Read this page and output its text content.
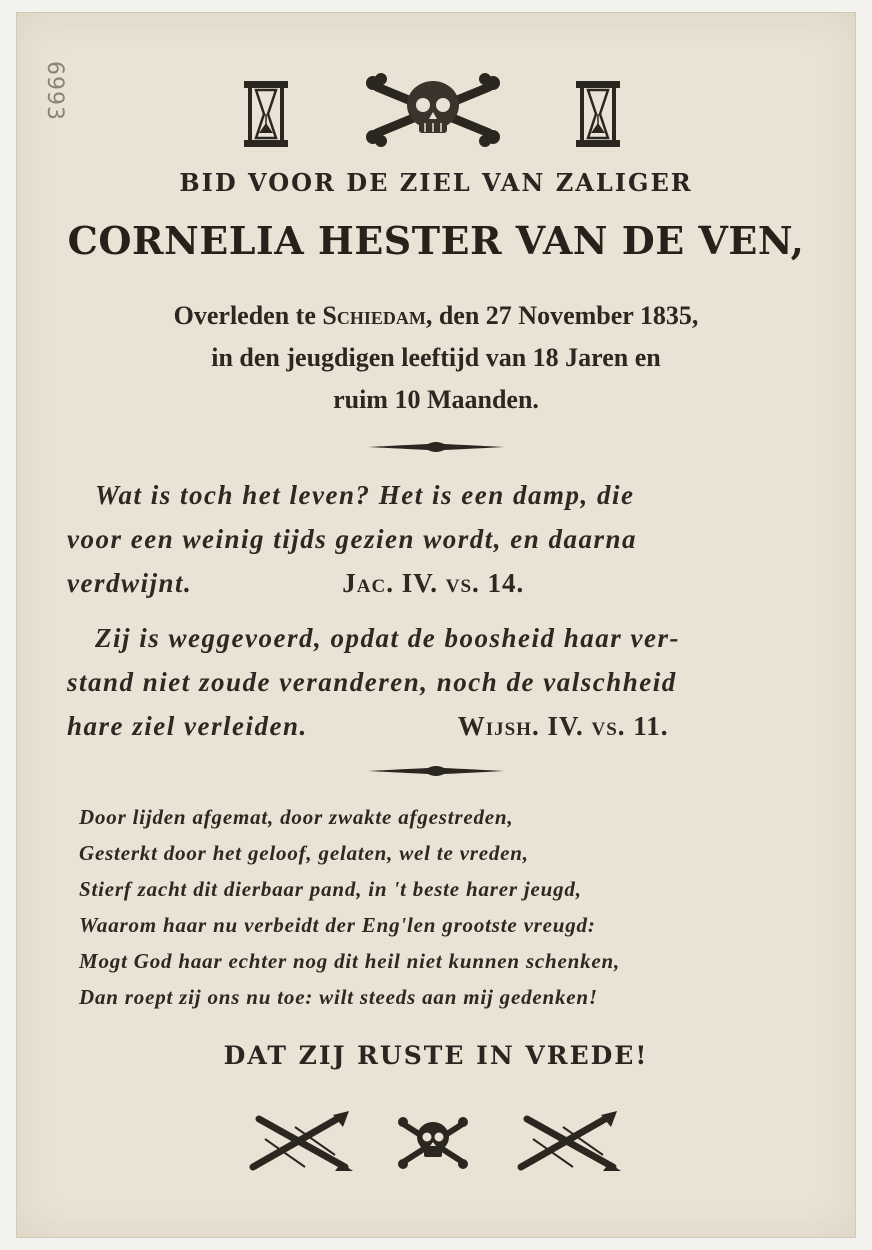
6993
BID VOOR DE ZIEL VAN ZALIGER
CORNELIA HESTER VAN DE VEN,
Overleden te Schiedam, den 27 November 1835,
in den jeugdigen leeftijd van 18 Jaren en
ruim 10 Maanden.
Wat is toch het leven? Het is een damp, die
voor een weinig tijds gezien wordt, en daarna
verdwijnt.	Jac. IV. vs. 14.
Zij is weggevoerd, opdat de boosheid haar ver-
stand niet zoude veranderen, noch de valschheid
hare ziel verleiden.	Wijsh. IV. vs. 11.
Door lijden afgemat, door zwakte afgestreden,
Gesterkt door het geloof, gelaten, wel te vreden,
Stierf zacht dit dierbaar pand, in 't beste harer jeugd,
Waarom haar nu verbeidt der Eng'len grootste vreugd:
Mogt God haar echter nog dit heil niet kunnen schenken,
Dan roept zij ons nu toe: wilt steeds aan mij gedenken!
DAT ZIJ RUSTE IN VREDE!
